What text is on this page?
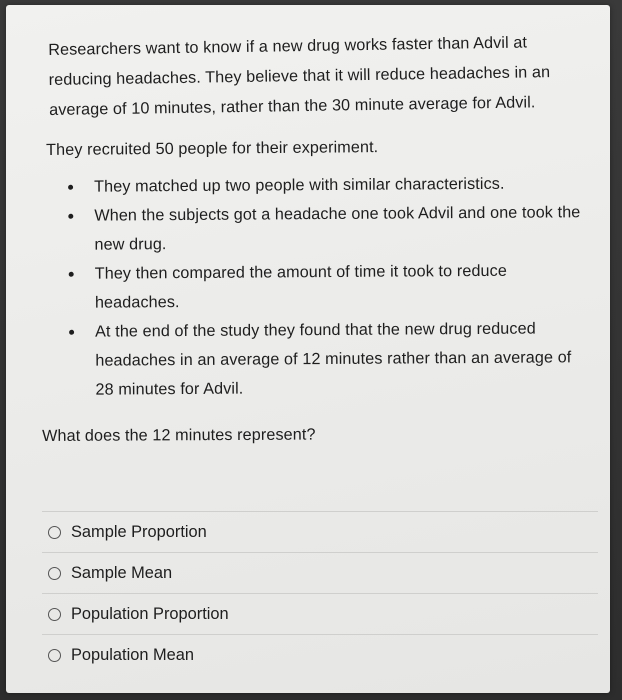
Researchers want to know if a new drug works faster than Advil at reducing headaches. They believe that it will reduce headaches in an average of 10 minutes, rather than the 30 minute average for Advil.
They recruited 50 people for their experiment.
They matched up two people with similar characteristics.
When the subjects got a headache one took Advil and one took the new drug.
They then compared the amount of time it took to reduce headaches.
At the end of the study they found that the new drug reduced headaches in an average of 12 minutes rather than an average of 28 minutes for Advil.
What does the 12 minutes represent?
Sample Proportion
Sample Mean
Population Proportion
Population Mean
